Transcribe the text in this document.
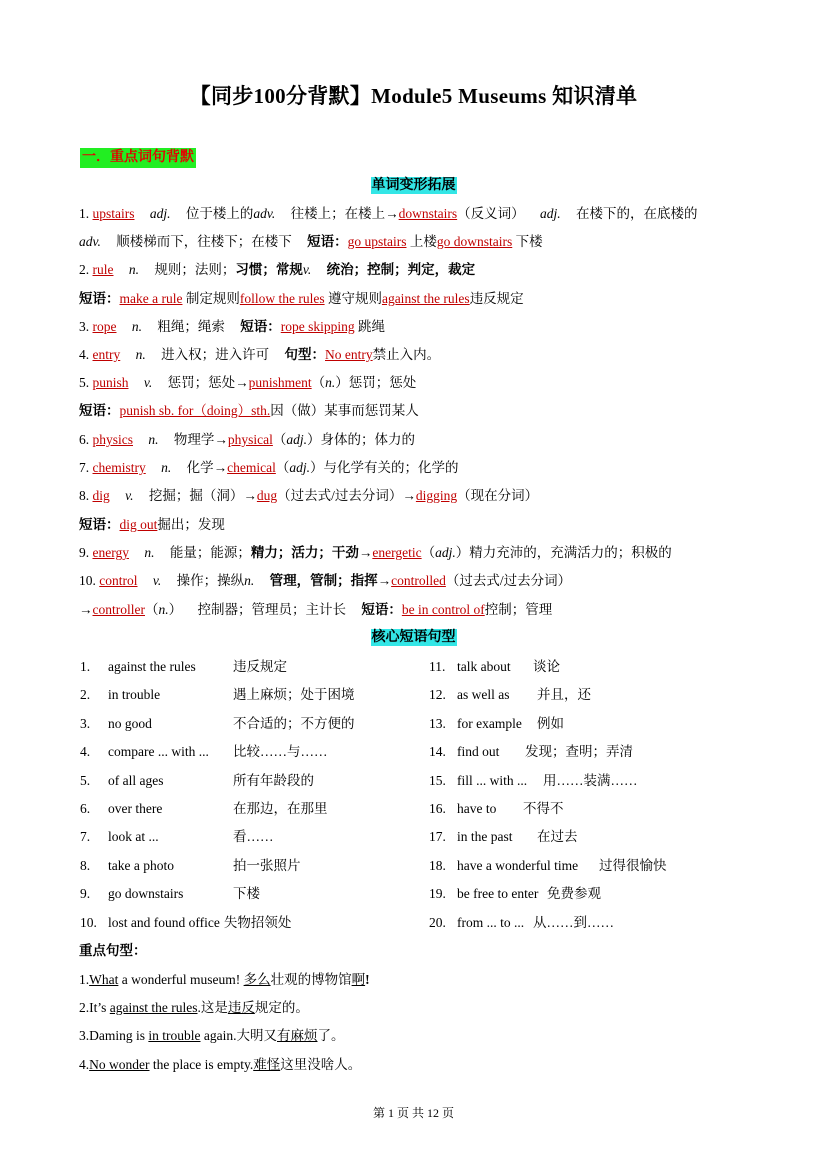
【同步100分背默】Module5 Museums 知识清单
一．重点词句背默
单词变形拓展
1. upstairs adj. 位于楼上的adv. 往楼上；在楼上→downstairs（反义词） adj. 在楼下的，在底楼的
adv. 顺楼梯而下，往楼下；在楼下 短语：go upstairs 上楼go downstairs 下楼
2. rule n. 规则；法则；习惯；常规v. 统治；控制；判定，裁定
短语：make a rule 制定规则follow the rules 遵守规则against the rules违反规定
3. rope n. 粗绳；绳索 短语：rope skipping 跳绳
4. entry n. 进入权；进入许可 句型：No entry禁止入内。
5. punish v. 惩罚；惩处→punishment（n.）惩罚；惩处
短语：punish sb. for（doing）sth.因（做）某事而惩罚某人
6. physics n. 物理学→physical（adj.）身体的；体力的
7. chemistry n. 化学→chemical（adj.）与化学有关的；化学的
8. dig v. 挖掘；掘（洞）→dug（过去式/过去分词）→digging（现在分词）
短语：dig out掘出；发现
9. energy n. 能量；能源；精力；活力；干劲→energetic（adj.）精力充沛的，充满活力的；积极的
10. control v. 操作；操纵n. 管理，管制；指挥→controlled（过去式/过去分词）
→controller（n.） 控制器；管理员；主计长 短语：be in control of控制；管理
核心短语句型
1. against the rules	违反规定
2. in trouble	遇上麻烦；处于困境
3. no good	不合适的；不方便的
4. compare ... with ... 比较……与……
5. of all ages	所有年龄段的
6. over there	在那边，在那里
7. look at ...	看……
8. take a photo	拍一张照片
9. go downstairs	下楼
10. lost and found office 失物招领处
11. talk about 谈论
12. as well as 并且，还
13. for example 例如
14. find out 发现；查明；弄清
15. fill ... with ... 用……装满……
16. have to 不得不
17. in the past 在过去
18. have a wonderful time 过得很愉快
19. be free to enter 免费参观
20. from ... to ... 从……到……
重点句型：
1.What a wonderful museum! 多么壮观的博物馆啊!
2.It’s against the rules.这是违反规定的。
3.Daming is in trouble again.大明又有麻烦了。
4.No wonder the place is empty.难怪这里没啥人。
第 1 页 共 12 页
